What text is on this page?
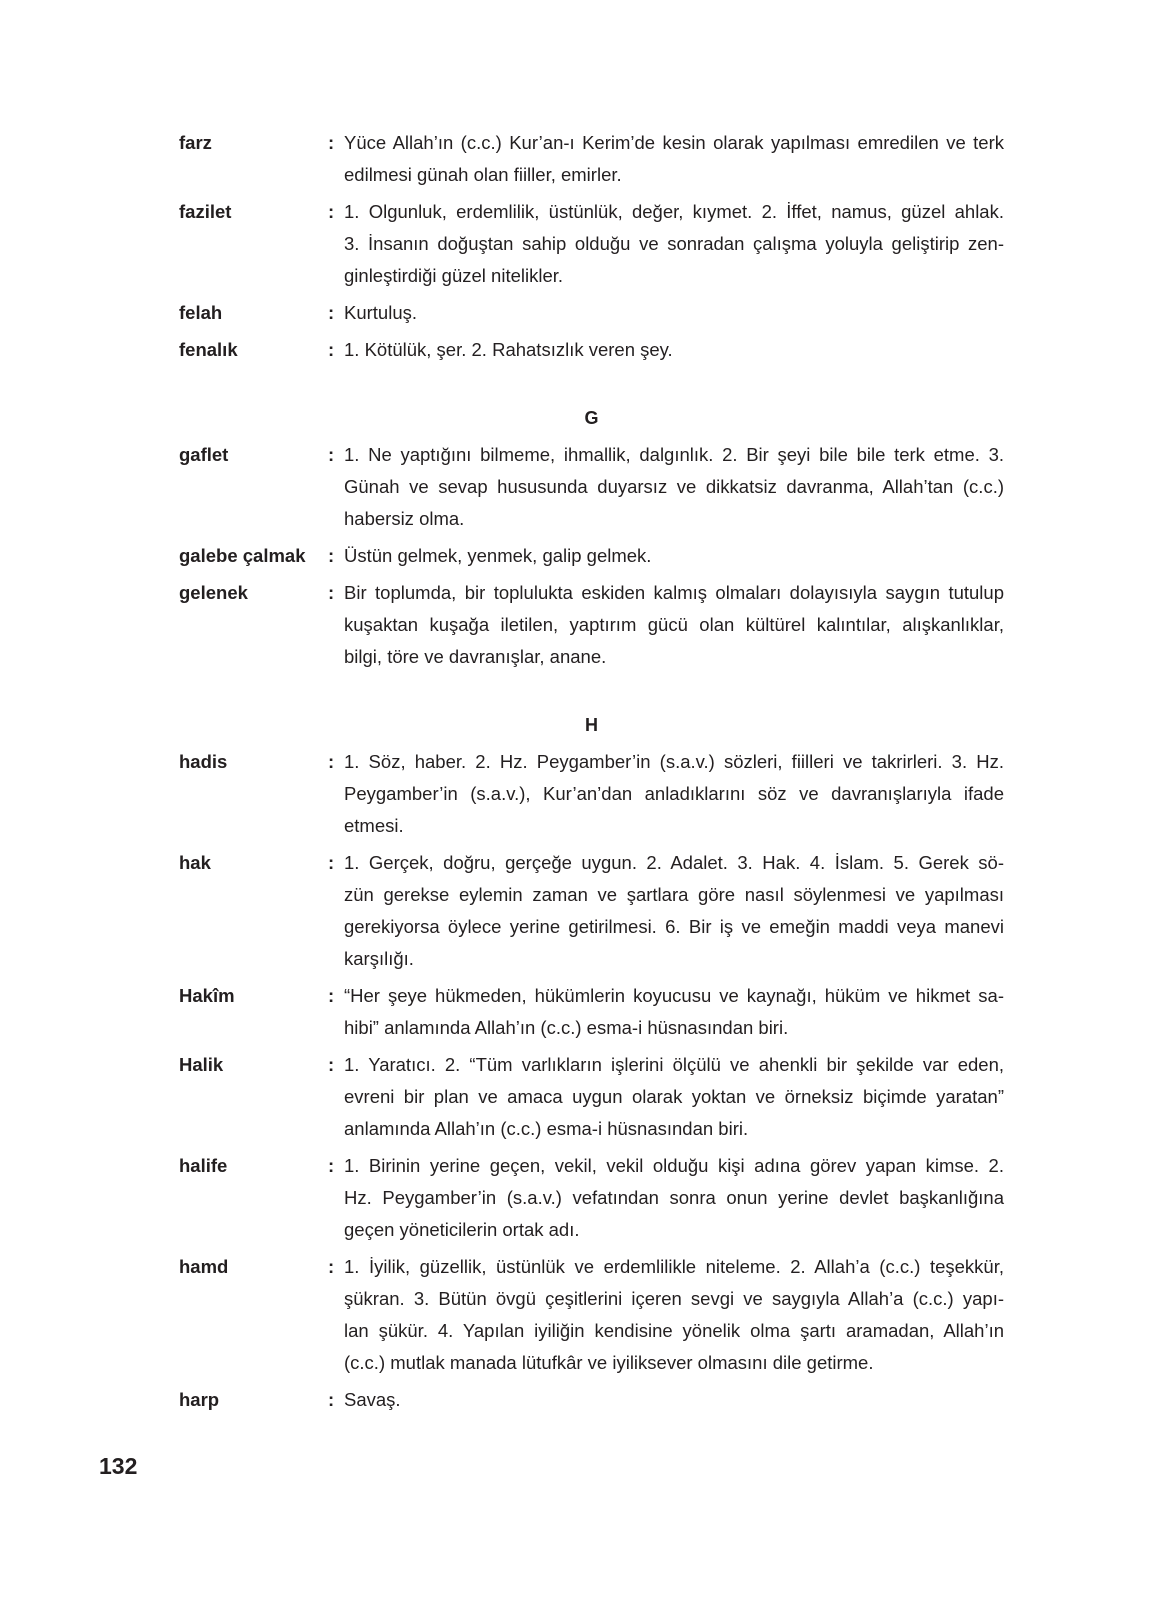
farz	: Yüce Allah’ın (c.c.) Kur’an-ı Kerim’de kesin olarak yapılması emredilen ve terk
edilmesi günah olan fiiller, emirler.
fazilet	: 1. Olgunluk, erdemlilik, üstünlük, değer, kıymet. 2. İffet, namus, güzel ahlak.
3. İnsanın doğuştan sahip olduğu ve sonradan çalışma yoluyla geliştirip zen-
ginleştirdiği güzel nitelikler.
felah	: Kurtuluş.
fenalık	: 1. Kötülük, şer. 2. Rahatsızlık veren şey.
G
gaflet	: 1. Ne yaptığını bilmeme, ihmallik, dalgınlık. 2. Bir şeyi bile bile terk etme. 3.
Günah ve sevap hususunda duyarsız ve dikkatsiz davranma, Allah’tan (c.c.)
habersiz olma.
galebe çalmak	: Üstün gelmek, yenmek, galip gelmek.
gelenek	: Bir toplumda, bir toplulukta eskiden kalmış olmaları dolayısıyla saygın tutulup
kuşaktan kuşağa iletilen, yaptırım gücü olan kültürel kalıntılar, alışkanlıklar,
bilgi, töre ve davranışlar, anane.
H
hadis	: 1. Söz, haber. 2. Hz. Peygamber’in (s.a.v.) sözleri, fiilleri ve takrirleri. 3. Hz.
Peygamber’in (s.a.v.), Kur’an’dan anladıklarını söz ve davranışlarıyla ifade
etmesi.
hak	: 1. Gerçek, doğru, gerçeğe uygun. 2. Adalet. 3. Hak. 4. İslam. 5. Gerek sö-
zün gerekse eylemin zaman ve şartlara göre nasıl söylenmesi ve yapılması
gerekiyorsa öylece yerine getirilmesi. 6. Bir iş ve emeğin maddi veya manevi
karşılığı.
Hakîm	: “Her şeye hükmeden, hükümlerin koyucusu ve kaynağı, hüküm ve hikmet sa-
hibi” anlamında Allah’ın (c.c.) esma-i hüsnasından biri.
Halik	: 1. Yaratıcı. 2. “Tüm varlıkların işlerini ölçülü ve ahenkli bir şekilde var eden,
evreni bir plan ve amaca uygun olarak yoktan ve örneksiz biçimde yaratan”
anlamında Allah’ın (c.c.) esma-i hüsnasından biri.
halife	: 1. Birinin yerine geçen, vekil, vekil olduğu kişi adına görev yapan kimse. 2.
Hz. Peygamber’in (s.a.v.) vefatından sonra onun yerine devlet başkanlığına
geçen yöneticilerin ortak adı.
hamd	: 1. İyilik, güzellik, üstünlük ve erdemlilikle niteleme. 2. Allah’a (c.c.) teşekkür,
şükran. 3. Bütün övgü çeşitlerini içeren sevgi ve saygıyla Allah’a (c.c.) yapı-
lan şükür. 4. Yapılan iyiliğin kendisine yönelik olma şartı aramadan, Allah’ın
(c.c.) mutlak manada lütufkâr ve iyiliksever olmasını dile getirme.
harp	: Savaş.
132
